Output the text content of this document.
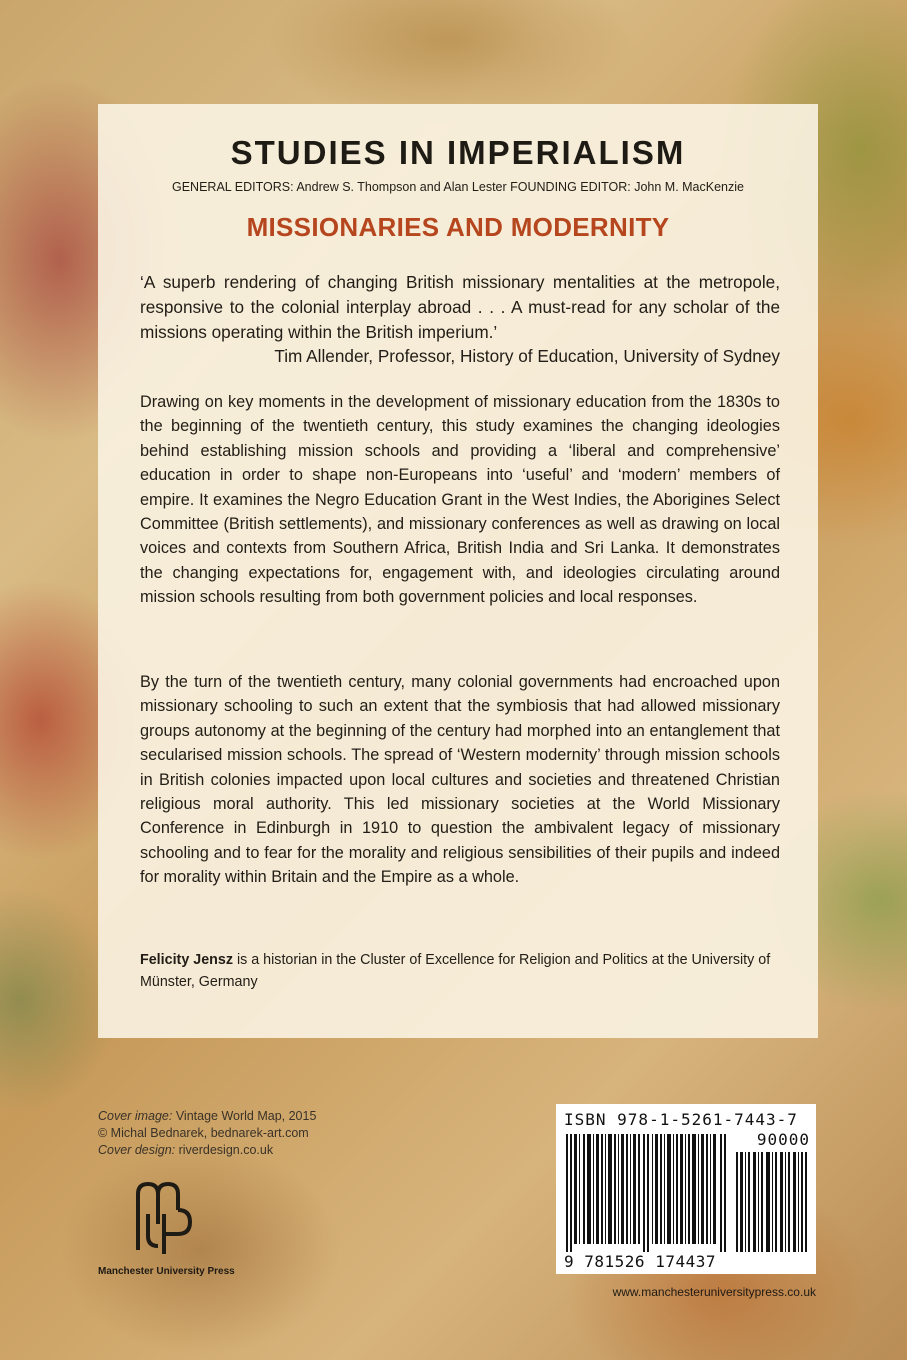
STUDIES IN IMPERIALISM
GENERAL EDITORS: Andrew S. Thompson and Alan Lester FOUNDING EDITOR: John M. MacKenzie
MISSIONARIES AND MODERNITY
‘A superb rendering of changing British missionary mentalities at the metropole, responsive to the colonial interplay abroad . . . A must-read for any scholar of the missions operating within the British imperium.’
Tim Allender, Professor, History of Education, University of Sydney
Drawing on key moments in the development of missionary education from the 1830s to the beginning of the twentieth century, this study examines the changing ideologies behind establishing mission schools and providing a ‘liberal and comprehensive’ education in order to shape non-Europeans into ‘useful’ and ‘modern’ members of empire. It examines the Negro Education Grant in the West Indies, the Aborigines Select Committee (British settlements), and missionary conferences as well as drawing on local voices and contexts from Southern Africa, British India and Sri Lanka. It demonstrates the changing expectations for, engagement with, and ideologies circulating around mission schools resulting from both government policies and local responses.
By the turn of the twentieth century, many colonial governments had encroached upon missionary schooling to such an extent that the symbiosis that had allowed missionary groups autonomy at the beginning of the century had morphed into an entanglement that secularised mission schools. The spread of ‘Western modernity’ through mission schools in British colonies impacted upon local cultures and societies and threatened Christian religious moral authority. This led missionary societies at the World Missionary Conference in Edinburgh in 1910 to question the ambivalent legacy of missionary schooling and to fear for the morality and religious sensibilities of their pupils and indeed for morality within Britain and the Empire as a whole.
Felicity Jensz is a historian in the Cluster of Excellence for Religion and Politics at the University of Münster, Germany
Cover image: Vintage World Map, 2015
© Michal Bednarek, bednarek-art.com
Cover design: riverdesign.co.uk
Manchester University Press
ISBN 978-1-5261-7443-7
90000
9 781526 174437
www.manchesteruniversitypress.co.uk
